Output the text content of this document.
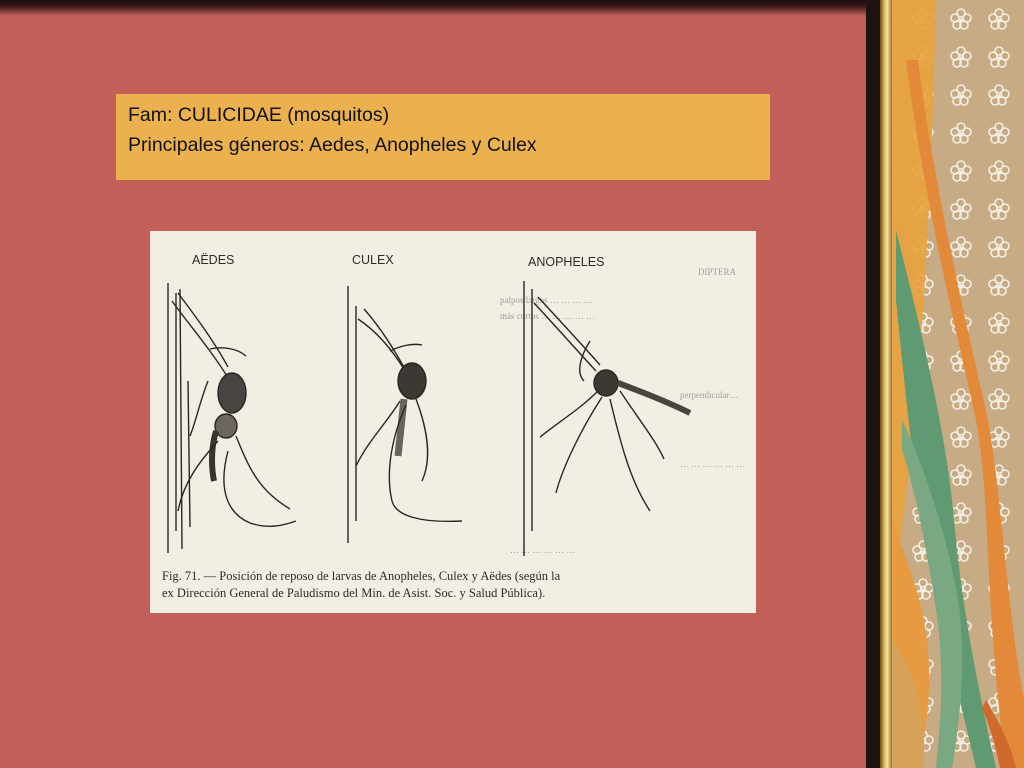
Fam: CULICIDAE (mosquitos)

Principales géneros: Aedes, Anopheles y Culex

DIPTERA
palpos largos … … … …
más cortos … … … … …
perpendicular…
… … … … … …
… … … … … …
AËDES	CULEX	ANOPHELES
Fig. 71. — Posición de reposo de larvas de Anopheles, Culex y Aëdes (según la
ex Dirección General de Paludismo del Min. de Asist. Soc. y Salud Pública).
